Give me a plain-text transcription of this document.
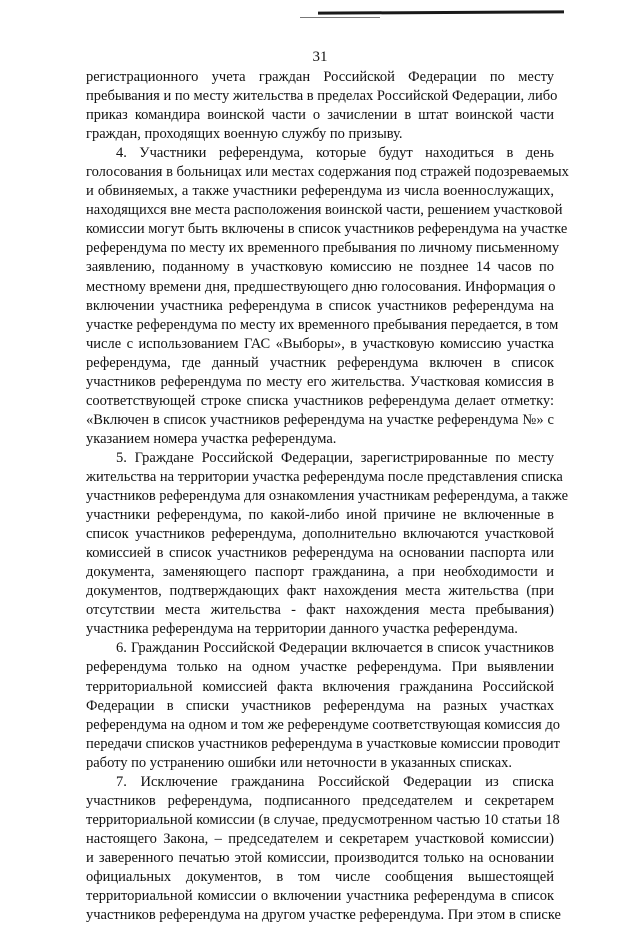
31
регистрационного учета граждан Российской Федерации по месту
пребывания и по месту жительства в пределах Российской Федерации, либо
приказ командира воинской части о зачислении в штат воинской части
граждан, проходящих военную службу по призыву.
4. Участники референдума, которые будут находиться в день
голосования в больницах или местах содержания под стражей подозреваемых
и обвиняемых, а также участники референдума из числа военнослужащих,
находящихся вне места расположения воинской части, решением участковой
комиссии могут быть включены в список участников референдума на участке
референдума по месту их временного пребывания по личному письменному
заявлению, поданному в участковую комиссию не позднее 14 часов по
местному времени дня, предшествующего дню голосования. Информация о
включении участника референдума в список участников референдума на
участке референдума по месту их временного пребывания передается, в том
числе с использованием ГАС «Выборы», в участковую комиссию участка
референдума, где данный участник референдума включен в список
участников референдума по месту его жительства. Участковая комиссия в
соответствующей строке списка участников референдума делает отметку:
«Включен в список участников референдума на участке референдума №» с
указанием номера участка референдума.
5. Граждане Российской Федерации, зарегистрированные по месту
жительства на территории участка референдума после представления списка
участников референдума для ознакомления участникам референдума, а также
участники референдума, по какой-либо иной причине не включенные в
список участников референдума, дополнительно включаются участковой
комиссией в список участников референдума на основании паспорта или
документа, заменяющего паспорт гражданина, а при необходимости и
документов, подтверждающих факт нахождения места жительства (при
отсутствии места жительства - факт нахождения места пребывания)
участника референдума на территории данного участка референдума.
6. Гражданин Российской Федерации включается в список участников
референдума только на одном участке референдума. При выявлении
территориальной комиссией факта включения гражданина Российской
Федерации в списки участников референдума на разных участках
референдума на одном и том же референдуме соответствующая комиссия до
передачи списков участников референдума в участковые комиссии проводит
работу по устранению ошибки или неточности в указанных списках.
7. Исключение гражданина Российской Федерации из списка
участников референдума, подписанного председателем и секретарем
территориальной комиссии (в случае, предусмотренном частью 10 статьи 18
настоящего Закона, – председателем и секретарем участковой комиссии)
и заверенного печатью этой комиссии, производится только на основании
официальных документов, в том числе сообщения вышестоящей
территориальной комиссии о включении участника референдума в список
участников референдума на другом участке референдума. При этом в списке
